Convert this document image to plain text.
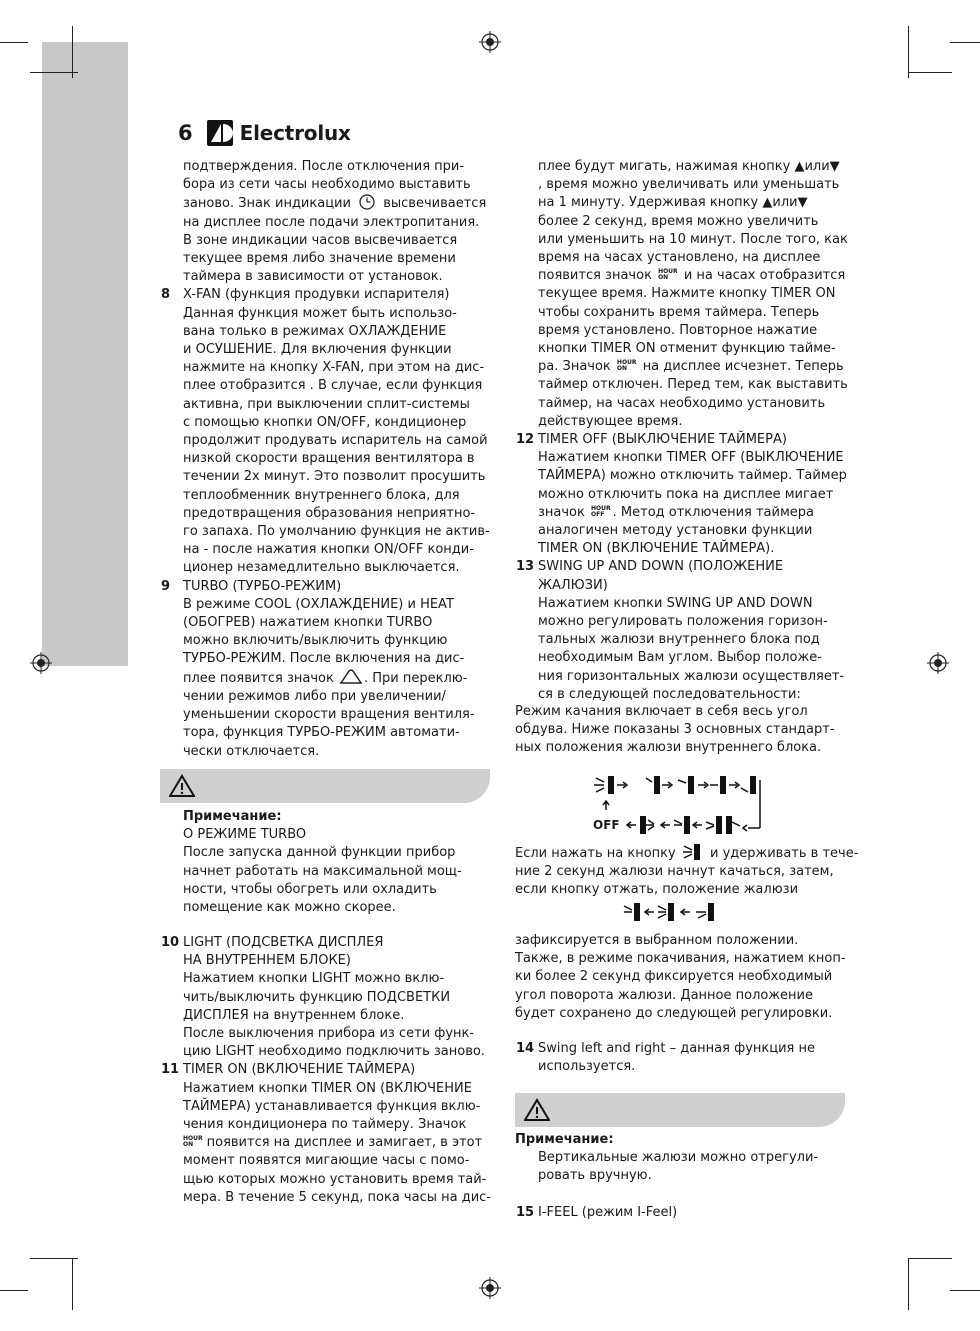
6 Electrolux

подтверждения. После отключения при-

бора из сети часы необходимо выставить

заново. Знак индикации высвечивается

на дисплее после подачи электропитания.

В зоне индикации часов высвечивается

текущее время либо значение времени

таймера в зависимости от установок.

8 X-FAN (функция продувки испарителя)

Данная функция может быть использо-

вана только в режимах ОХЛАЖДЕНИЕ

и ОСУШЕНИЕ. Для включения функции

нажмите на кнопку X-FAN, при этом на дис-

плее отобразится . В случае, если функция

активна, при выключении сплит-системы

с помощью кнопки ON/OFF, кондиционер

продолжит продувать испаритель на самой

низкой скорости вращения вентилятора в

течении 2х минут. Это позволит просушить

теплообменник внутреннего блока, для

предотвращения образования неприятно-

го запаха. По умолчанию функция не актив-

на - после нажатия кнопки ON/OFF конди-

ционер незамедлительно выключается.

9 TURBO (ТУРБО-РЕЖИМ)

В режиме COOL (ОХЛАЖДЕНИЕ) и HEAT

(ОБОГРЕВ) нажатием кнопки TURBO

можно включить/выключить функцию

ТУРБО-РЕЖИМ. После включения на дис-

плее появится значок . При переклю-

чении режимов либо при увеличении/

уменьшении скорости вращения вентиля-

тора, функция ТУРБО-РЕЖИМ автомати-

чески отключается.

Примечание:

О РЕЖИМЕ TURBO

После запуска данной функции прибор

начнет работать на максимальной мощ-

ности, чтобы обогреть или охладить

помещение как можно скорее.

10 LIGHT (ПОДСВЕТКА ДИСПЛЕЯ

НА ВНУТРЕННЕМ БЛОКЕ)

Нажатием кнопки LIGHT можно вклю-

чить/выключить функцию ПОДСВЕТКИ

ДИСПЛЕЯ на внутреннем блоке.

После выключения прибора из сети функ-

цию LIGHT необходимо подключить заново.

11 TIMER ON (ВКЛЮЧЕНИЕ ТАЙМЕРА)

Нажатием кнопки TIMER ON (ВКЛЮЧЕНИЕ

ТАЙМЕРА) устанавливается функция вклю-

чения кондиционера по таймеру. Значок

HOUR
ON появится на дисплее и замигает, в этот

момент появятся мигающие часы с помо-

щью которых можно установить время тай-

мера. В течение 5 секунд, пока часы на дис-

плее будут мигать, нажимая кнопку ▲или▼

, время можно увеличивать или уменьшать

на 1 минуту. Удерживая кнопку ▲или▼

более 2 секунд, время можно увеличить

или уменьшить на 10 минут. После того, как

время на часах установлено, на дисплее

появится значок HOUR
ON и на часах отобразится

текущее время. Нажмите кнопку TIMER ON

чтобы сохранить время таймера. Теперь

время установлено. Повторное нажатие

кнопки TIMER ON отменит функцию тайме-

ра. Значок HOUR
ON на дисплее исчезнет. Теперь

таймер отключен. Перед тем, как выставить

таймер, на часах необходимо установить

действующее время.

12 TIMER OFF (ВЫКЛЮЧЕНИЕ ТАЙМЕРА)

Нажатием кнопки TIMER OFF (ВЫКЛЮЧЕНИЕ

ТАЙМЕРА) можно отключить таймер. Таймер

можно отключить пока на дисплее мигает

значок HOUR
OFF . Метод отключения таймера

аналогичен методу установки функции

TIMER ON (ВКЛЮЧЕНИЕ ТАЙМЕРА).

13 SWING UP AND DOWN (ПОЛОЖЕНИЕ

ЖАЛЮЗИ)

Нажатием кнопки SWING UP AND DOWN

можно регулировать положения горизон-

тальных жалюзи внутреннего блока под

необходимым Вам углом. Выбор положе-

ния горизонтальных жалюзи осуществляет-

ся в следующей последовательности:

Режим качания включает в себя весь угол

обдува. Ниже показаны 3 основных стандарт-

ных положения жалюзи внутреннего блока.

OFF

Если нажать на кнопку	и удерживать в тече-

ние 2 секунд жалюзи начнут качаться, затем,

если кнопку отжать, положение жалюзи

зафиксируется в выбранном положении.

Также, в режиме покачивания, нажатием кноп-

ки более 2 секунд фиксируется необходимый

угол поворота жалюзи. Данное положение

будет сохранено до следующей регулировки.

14 Swing left and right – данная функция не

используется.

Примечание:

Вертикальные жалюзи можно отрегули-

ровать вручную.

15 I-FEEL (режим I-Feel)
